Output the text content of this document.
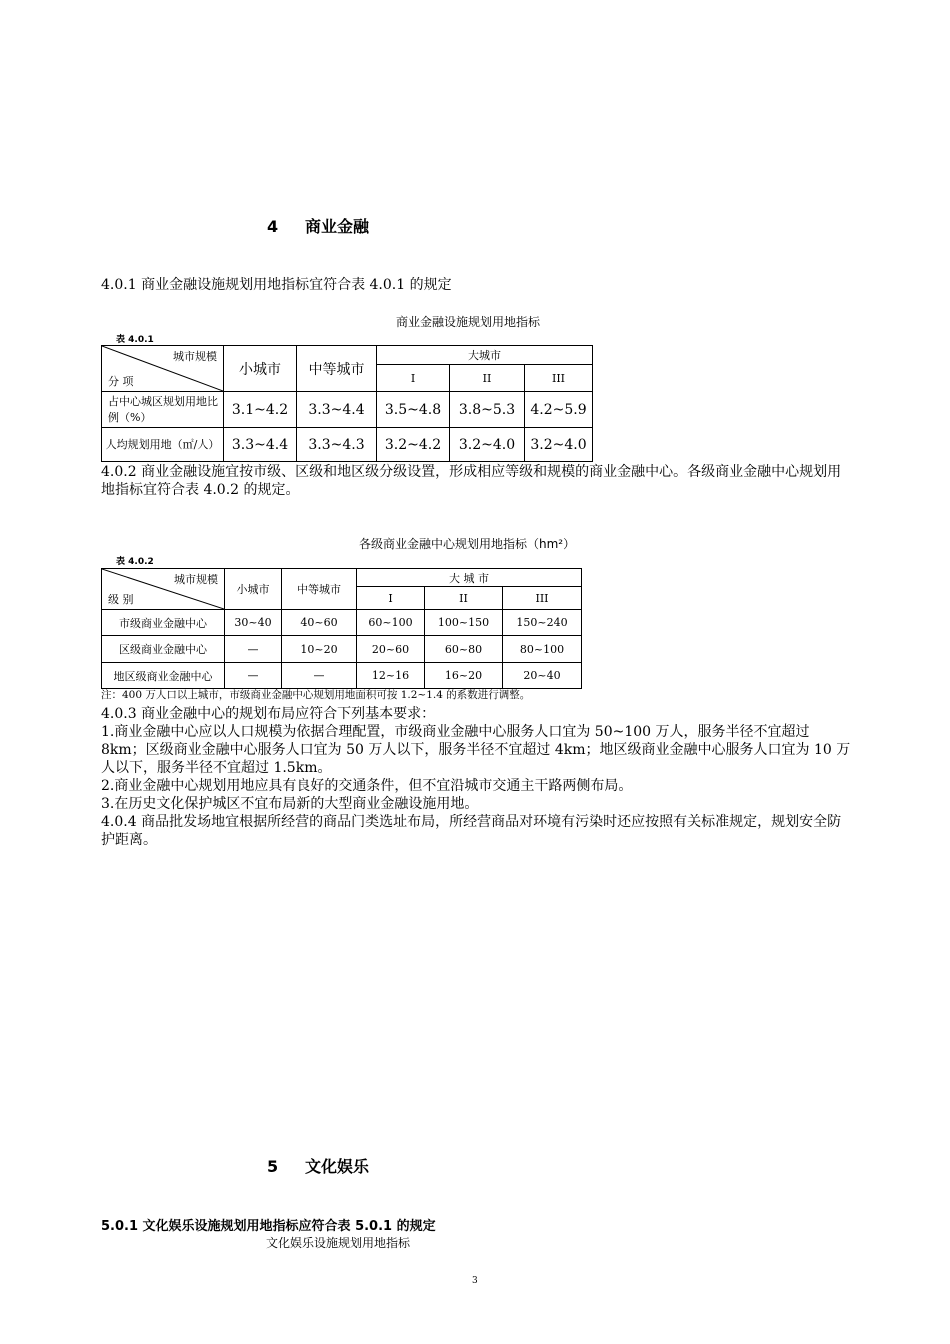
4 商业金融
4.0.1 商业金融设施规划用地指标宜符合表 4.0.1 的规定
商业金融设施规划用地指标
表 4.0.1
城市规模
分 项	小城市	中等城市	大城市		
			I	II	III
占中心城区规划用地比例（%）	3.1~4.2	3.3~4.4	3.5~4.8	3.8~5.3	4.2~5.9
人均规划用地（㎡/人）	3.3~4.4	3.3~4.3	3.2~4.2	3.2~4.0	3.2~4.0
4.0.2 商业金融设施宜按市级、区级和地区级分级设置，形成相应等级和规模的商业金融中心。各级商业金融中心规划用地指标宜符合表 4.0.2 的规定。
各级商业金融中心规划用地指标（hm²）
表 4.0.2
城市规模
级 别	小城市	中等城市	大 城 市		
			I	II	III
市级商业金融中心	30~40	40~60	60~100	100~150	150~240
区级商业金融中心	—	10~20	20~60	60~80	80~100
地区级商业金融中心	—	—	12~16	16~20	20~40
注：400 万人口以上城市，市级商业金融中心规划用地面积可按 1.2~1.4 的系数进行调整。
4.0.3 商业金融中心的规划布局应符合下列基本要求：
1.商业金融中心应以人口规模为依据合理配置，市级商业金融中心服务人口宜为 50~100 万人，服务半径不宜超过 8km；区级商业金融中心服务人口宜为 50 万人以下，服务半径不宜超过 4km；地区级商业金融中心服务人口宜为 10 万人以下，服务半径不宜超过 1.5km。
2.商业金融中心规划用地应具有良好的交通条件，但不宜沿城市交通主干路两侧布局。
3.在历史文化保护城区不宜布局新的大型商业金融设施用地。
4.0.4 商品批发场地宜根据所经营的商品门类选址布局，所经营商品对环境有污染时还应按照有关标准规定，规划安全防护距离。
5 文化娱乐
5.0.1 文化娱乐设施规划用地指标应符合表 5.0.1 的规定
文化娱乐设施规划用地指标
3
